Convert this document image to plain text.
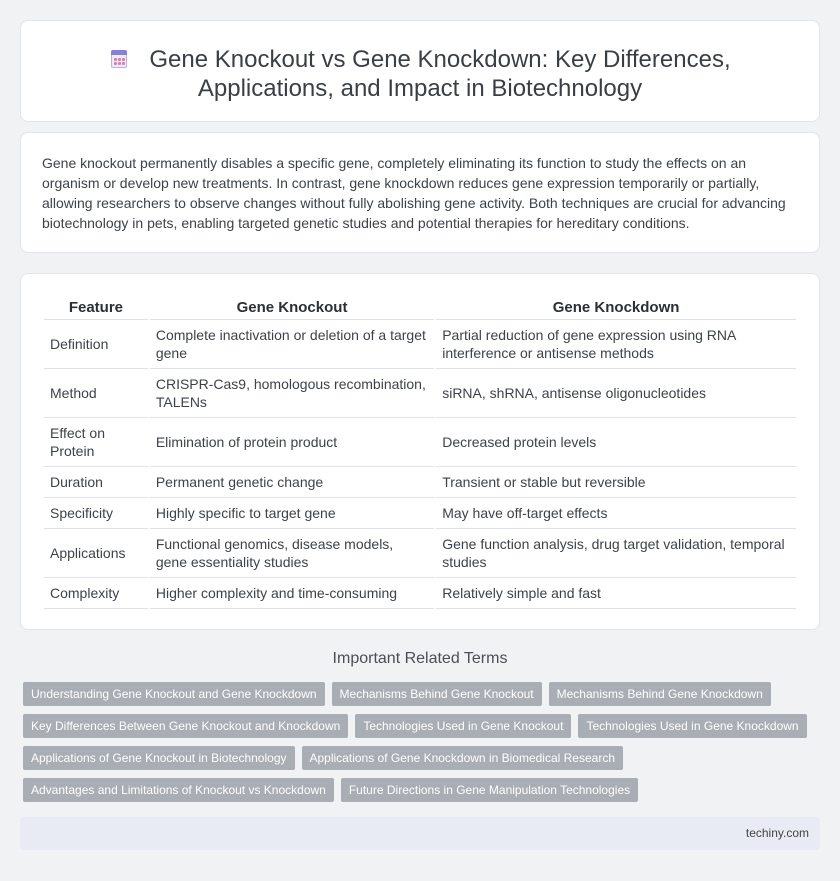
Gene Knockout vs Gene Knockdown: Key Differences,
Applications, and Impact in Biotechnology

Gene knockout permanently disables a specific gene, completely eliminating its function to study the effects on an organism or develop new treatments. In contrast, gene knockdown reduces gene expression temporarily or partially, allowing researchers to observe changes without fully abolishing gene activity. Both techniques are crucial for advancing biotechnology in pets, enabling targeted genetic studies and potential therapies for hereditary conditions.

Feature	Gene Knockout	Gene Knockdown
Definition	Complete inactivation or deletion of a target gene	Partial reduction of gene expression using RNA interference or antisense methods
Method	CRISPR-Cas9, homologous recombination, TALENs	siRNA, shRNA, antisense oligonucleotides
Effect on Protein	Elimination of protein product	Decreased protein levels
Duration	Permanent genetic change	Transient or stable but reversible
Specificity	Highly specific to target gene	May have off-target effects
Applications	Functional genomics, disease models, gene essentiality studies	Gene function analysis, drug target validation, temporal studies
Complexity	Higher complexity and time-consuming	Relatively simple and fast
Important Related Terms
Understanding Gene Knockout and Gene Knockdown Mechanisms Behind Gene Knockout Mechanisms Behind Gene Knockdown
Key Differences Between Gene Knockout and Knockdown Technologies Used in Gene Knockout Technologies Used in Gene Knockdown
Applications of Gene Knockout in Biotechnology Applications of Gene Knockdown in Biomedical Research
Advantages and Limitations of Knockout vs Knockdown Future Directions in Gene Manipulation Technologies
techiny.com
